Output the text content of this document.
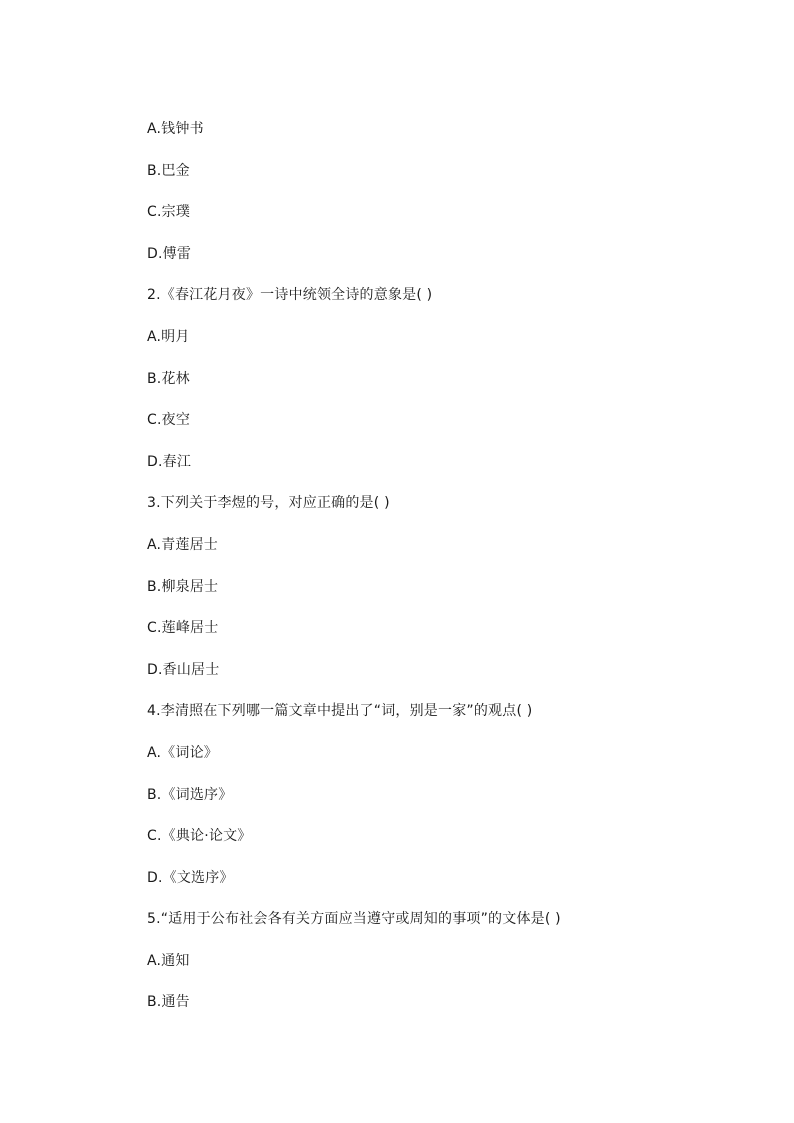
A.钱钟书
B.巴金
C.宗璞
D.傅雷
2.《春江花月夜》一诗中统领全诗的意象是( )
A.明月
B.花林
C.夜空
D.春江
3.下列关于李煜的号，对应正确的是( )
A.青莲居士
B.柳泉居士
C.莲峰居士
D.香山居士
4.李清照在下列哪一篇文章中提出了“词，别是一家”的观点( )
A.《词论》
B.《词选序》
C.《典论·论文》
D.《文选序》
5.“适用于公布社会各有关方面应当遵守或周知的事项”的文体是( )
A.通知
B.通告
